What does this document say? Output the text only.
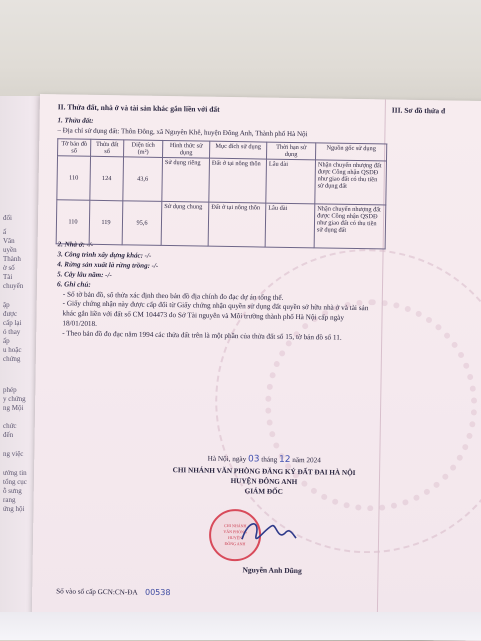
đổi
ấ
Văn
uyền
Thành
ờ số
Tài
chuyển
ập
được
cấp lại
ó thay
ấp
u hoặc
chứng
phép
y chứng
ng Mội
chức
đến
ng việc
ướng tin
tổng cục
ỗ sưng
rang
ứng hội
II. Thửa đất, nhà ở và tài sản khác gắn liền với đất	III. Sơ đồ thửa đ
1. Thửa đất:
– Địa chỉ sử dụng đất: Thôn Đông, xã Nguyên Khê, huyện Đông Anh, Thành phố Hà Nội
Tờ bản đồ số	Thửa đất số	Diện tích (m²)	Hình thức sử dụng	Mục đích sử dụng	Thời hạn sử dụng	Nguồn gốc sử dụng
110	124	43,6	Sử dụng riêng	Đất ở tại nông thôn	Lâu dài	Nhận chuyển nhượng đất được Công nhận QSDĐ như giao đất có thu tiền sử dụng đất
110	119	95,6	Sử dụng chung	Đất ở tại nông thôn	Lâu dài	Nhận chuyển nhượng đất được Công nhận QSDĐ như giao đất có thu tiền sử dụng đất
2. Nhà ở: -/-
3. Công trình xây dựng khác: -/-
4. Rừng sản xuất là rừng trồng: -/-
5. Cây lâu năm: -/-

6. Ghi chú:

- Số tờ bản đồ, số thửa xác định theo bản đồ địa chính đo đạc dự án tổng thể.

- Giấy chứng nhận này được cấp đổi từ Giấy chứng nhận quyền sử dụng đất quyền sở hữu nhà ở và tài sản khác gắn liền với đất số CM 104473 do Sở Tài nguyên và Môi trường thành phố Hà Nội cấp ngày 18/01/2018.

- Theo bản đồ đo đạc năm 1994 các thửa đất trên là một phần của thửa đất số 15, tờ bản đồ số 11.

Hà Nội, ngày 03 tháng 12 năm 2024
CHI NHÁNH VĂN PHÒNG ĐĂNG KÝ ĐẤT ĐAI HÀ NỘI
HUYỆN ĐÔNG ANH
GIÁM ĐỐC
CHI NHÁNH
VĂN PHÒNG
HUYỆN
ĐÔNG ANH
Nguyễn Anh Dũng
Số vào sổ cấp GCN:CN-ĐA 00538
